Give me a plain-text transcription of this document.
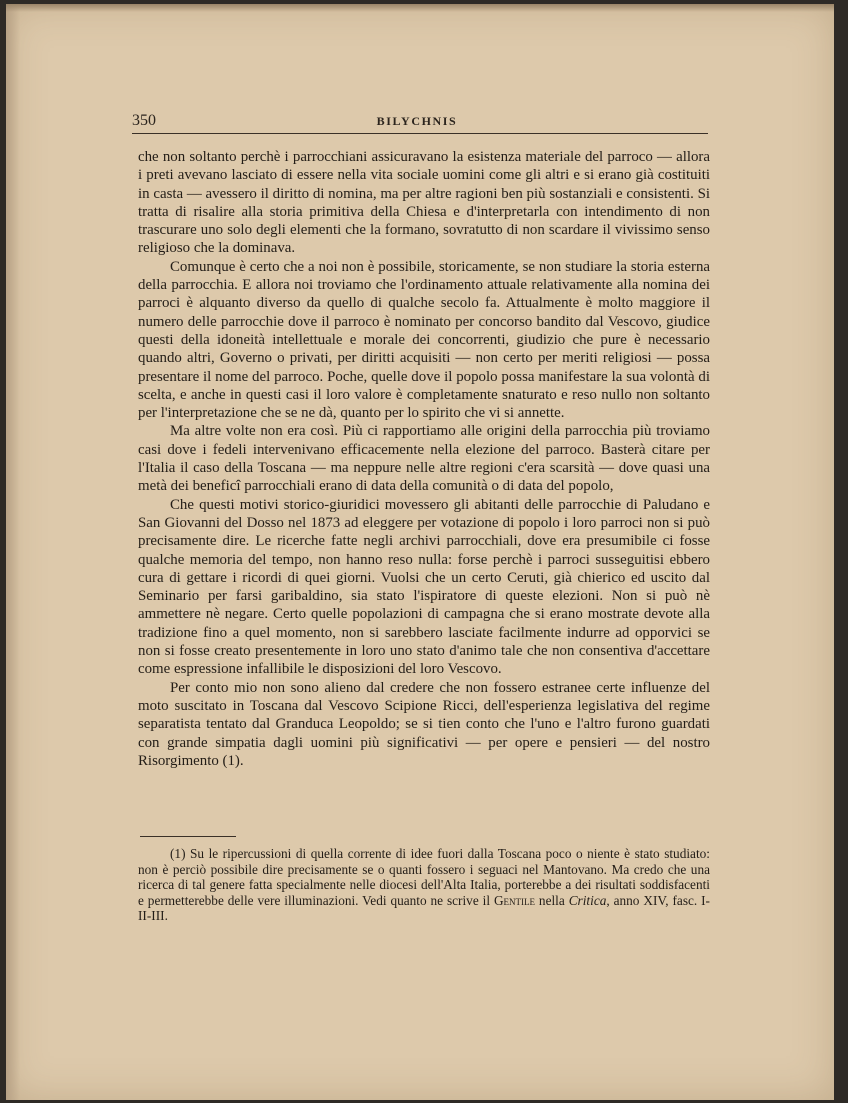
350	BILYCHNIS

che non soltanto perchè i parrocchiani assicuravano la esistenza materiale del parroco — allora i preti avevano lasciato di essere nella vita sociale uomini come gli altri e si erano già costituiti in casta — avessero il diritto di nomina, ma per altre ragioni ben più sostanziali e consistenti. Si tratta di risalire alla storia primitiva della Chiesa e d'interpretarla con intendimento di non trascurare uno solo degli elementi che la formano, sovratutto di non scardare il vivissimo senso religioso che la dominava.

Comunque è certo che a noi non è possibile, storicamente, se non studiare la storia esterna della parrocchia. E allora noi troviamo che l'ordinamento attuale relativamente alla nomina dei parroci è alquanto diverso da quello di qualche secolo fa. Attualmente è molto maggiore il numero delle parrocchie dove il parroco è nominato per concorso bandito dal Vescovo, giudice questi della idoneità intellettuale e morale dei concorrenti, giudizio che pure è necessario quando altri, Governo o privati, per diritti acquisiti — non certo per meriti religiosi — possa presentare il nome del parroco. Poche, quelle dove il popolo possa manifestare la sua volontà di scelta, e anche in questi casi il loro valore è completamente snaturato e reso nullo non soltanto per l'interpretazione che se ne dà, quanto per lo spirito che vi si annette.

Ma altre volte non era così. Più ci rapportiamo alle origini della parrocchia più troviamo casi dove i fedeli intervenivano efficacemente nella elezione del parroco. Basterà citare per l'Italia il caso della Toscana — ma neppure nelle altre regioni c'era scarsità — dove quasi una metà dei beneficî parrocchiali erano di data della comunità o di data del popolo,

Che questi motivi storico-giuridici movessero gli abitanti delle parrocchie di Paludano e San Giovanni del Dosso nel 1873 ad eleggere per votazione di popolo i loro parroci non si può precisamente dire. Le ricerche fatte negli archivi parrocchiali, dove era presumibile ci fosse qualche memoria del tempo, non hanno reso nulla: forse perchè i parroci susseguitisi ebbero cura di gettare i ricordi di quei giorni. Vuolsi che un certo Ceruti, già chierico ed uscito dal Seminario per farsi garibaldino, sia stato l'ispiratore di queste elezioni. Non si può nè ammettere nè negare. Certo quelle popolazioni di campagna che si erano mostrate devote alla tradizione fino a quel momento, non si sarebbero lasciate facilmente indurre ad opporvici se non si fosse creato presentemente in loro uno stato d'animo tale che non consentiva d'accettare come espressione infallibile le disposizioni del loro Vescovo.

Per conto mio non sono alieno dal credere che non fossero estranee certe influenze del moto suscitato in Toscana dal Vescovo Scipione Ricci, dell'esperienza legislativa del regime separatista tentato dal Granduca Leopoldo; se si tien conto che l'uno e l'altro furono guardati con grande simpatia dagli uomini più significativi — per opere e pensieri — del nostro Risorgimento (1).

(1) Su le ripercussioni di quella corrente di idee fuori dalla Toscana poco o niente è stato studiato: non è perciò possibile dire precisamente se o quanti fossero i seguaci nel Mantovano. Ma credo che una ricerca di tal genere fatta specialmente nelle diocesi dell'Alta Italia, porterebbe a dei risultati soddisfacenti e permetterebbe delle vere illuminazioni. Vedi quanto ne scrive il Gentile nella Critica, anno XIV, fasc. I-II-III.
